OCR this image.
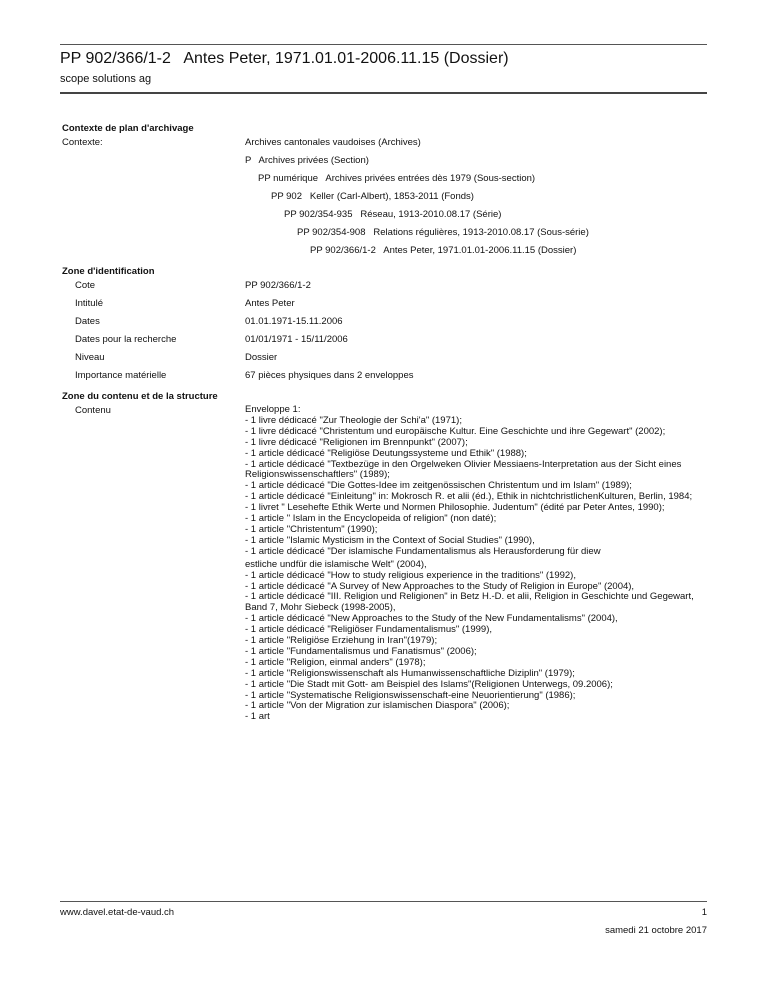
PP 902/366/1-2   Antes Peter, 1971.01.01-2006.11.15 (Dossier)
scope solutions ag
Contexte de plan d'archivage
Contexte:	Archives cantonales vaudoises (Archives)
P   Archives privées (Section)
PP numérique   Archives privées entrées dès 1979 (Sous-section)
PP 902   Keller (Carl-Albert), 1853-2011 (Fonds)
PP 902/354-935   Réseau, 1913-2010.08.17 (Série)
PP 902/354-908   Relations régulières, 1913-2010.08.17 (Sous-série)
PP 902/366/1-2   Antes Peter, 1971.01.01-2006.11.15 (Dossier)
Zone d'identification
Cote	PP 902/366/1-2
Intitulé	Antes Peter
Dates	01.01.1971-15.11.2006
Dates pour la recherche	01/01/1971 - 15/11/2006
Niveau	Dossier
Importance matérielle	67 pièces physiques dans 2 enveloppes
Zone du contenu et de la structure
Contenu	Enveloppe 1:
- 1 livre dédicacé "Zur Theologie der Schi'a" (1971);
- 1 livre dédicacé "Christentum und europäische Kultur. Eine Geschichte und ihre Gegewart" (2002);
- 1 livre dédicacé "Religionen im Brennpunkt" (2007);
- 1 article dédicacé "Religiöse Deutungssysteme und Ethik" (1988);
- 1 article dédicacé "Textbezüge in den Orgelweken Olivier Messiaens-Interpretation aus der Sicht eines Religionswissenschaftlers" (1989);
- 1 article dédicacé "Die Gottes-Idee im zeitgenössischen Christentum und im Islam" (1989);
- 1 article dédicacé "Einleitung" in: Mokrosch R. et alii (éd.), Ethik in nichtchristlichenKulturen, Berlin, 1984;
- 1 livret " Lesehefte Ethik Werte und Normen Philosophie. Judentum" (édité par Peter Antes, 1990);
- 1 article " Islam in the Encyclopeida of religion" (non daté);
- 1 article "Christentum" (1990);
- 1 article "Islamic Mysticism in the Context of Social Studies" (1990),
- 1 article dédicacé "Der islamische Fundamentalismus als Herausforderung für diew
estliche undfür die islamische Welt" (2004),
- 1 article dédicacé "How to study religious experience in the traditions" (1992),
- 1 article dédicacé "A Survey of New Approaches to the Study of Religion in Europe" (2004),
- 1 article dédicacé "III. Religion und Religionen" in Betz H.-D. et alii, Religion in Geschichte und Gegewart, Band 7, Mohr Siebeck (1998-2005),
- 1 article dédicacé "New Approaches to the Study of the New Fundamentalisms" (2004),
- 1 article dédicacé "Religiöser Fundamentalismus" (1999),
- 1 article "Religiöse Erziehung in Iran"(1979);
- 1 article "Fundamentalismus und Fanatismus" (2006);
- 1 article "Religion, einmal anders" (1978);
- 1 article "Religionswissenschaft als Humanwissenschaftliche Diziplin" (1979);
- 1 article "Die Stadt mit Gott- am Beispiel des Islams"(Religionen Unterwegs, 09.2006);
- 1 article "Systematische Religionswissenschaft-eine Neuorientierung" (1986);
- 1 article "Von der Migration zur islamischen Diaspora" (2006);
- 1 art
www.davel.etat-de-vaud.ch	1
samedi 21 octobre 2017
